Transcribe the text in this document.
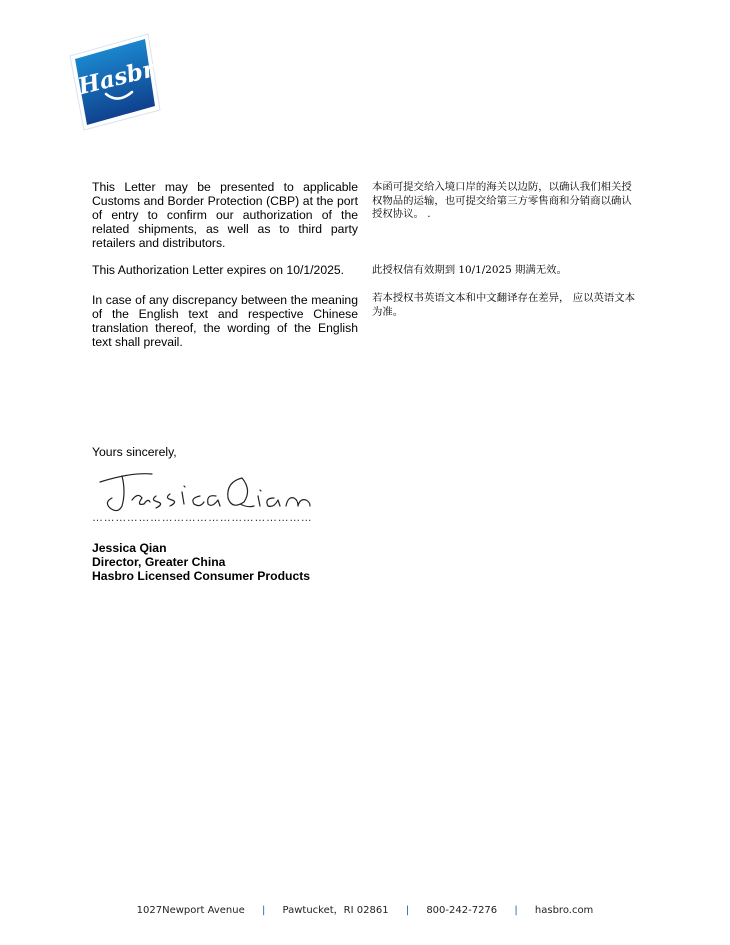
Hasbro
This Letter may be presented to applicable Customs and Border Protection (CBP) at the port of entry to confirm our authorization of the related shipments, as well as to third party retailers and distributors.
本函可提交给入境口岸的海关以边防，以确认我们相关授权物品的运输，也可提交给第三方零售商和分销商以确认授权协议。 .
This Authorization Letter expires on 10/1/2025.	此授权信有效期到 10/1/2025 期满无效。
In case of any discrepancy between the meaning of the English text and respective Chinese translation thereof, the wording of the English text shall prevail.
若本授权书英语文本和中文翻译存在差异， 应以英语文本为准。
Yours sincerely,
…………………………………………………
Jessica Qian
Director, Greater China
Hasbro Licensed Consumer Products
1027Newport Avenue | Pawtucket，RI 02861 | 800-242-7276 | hasbro.com
